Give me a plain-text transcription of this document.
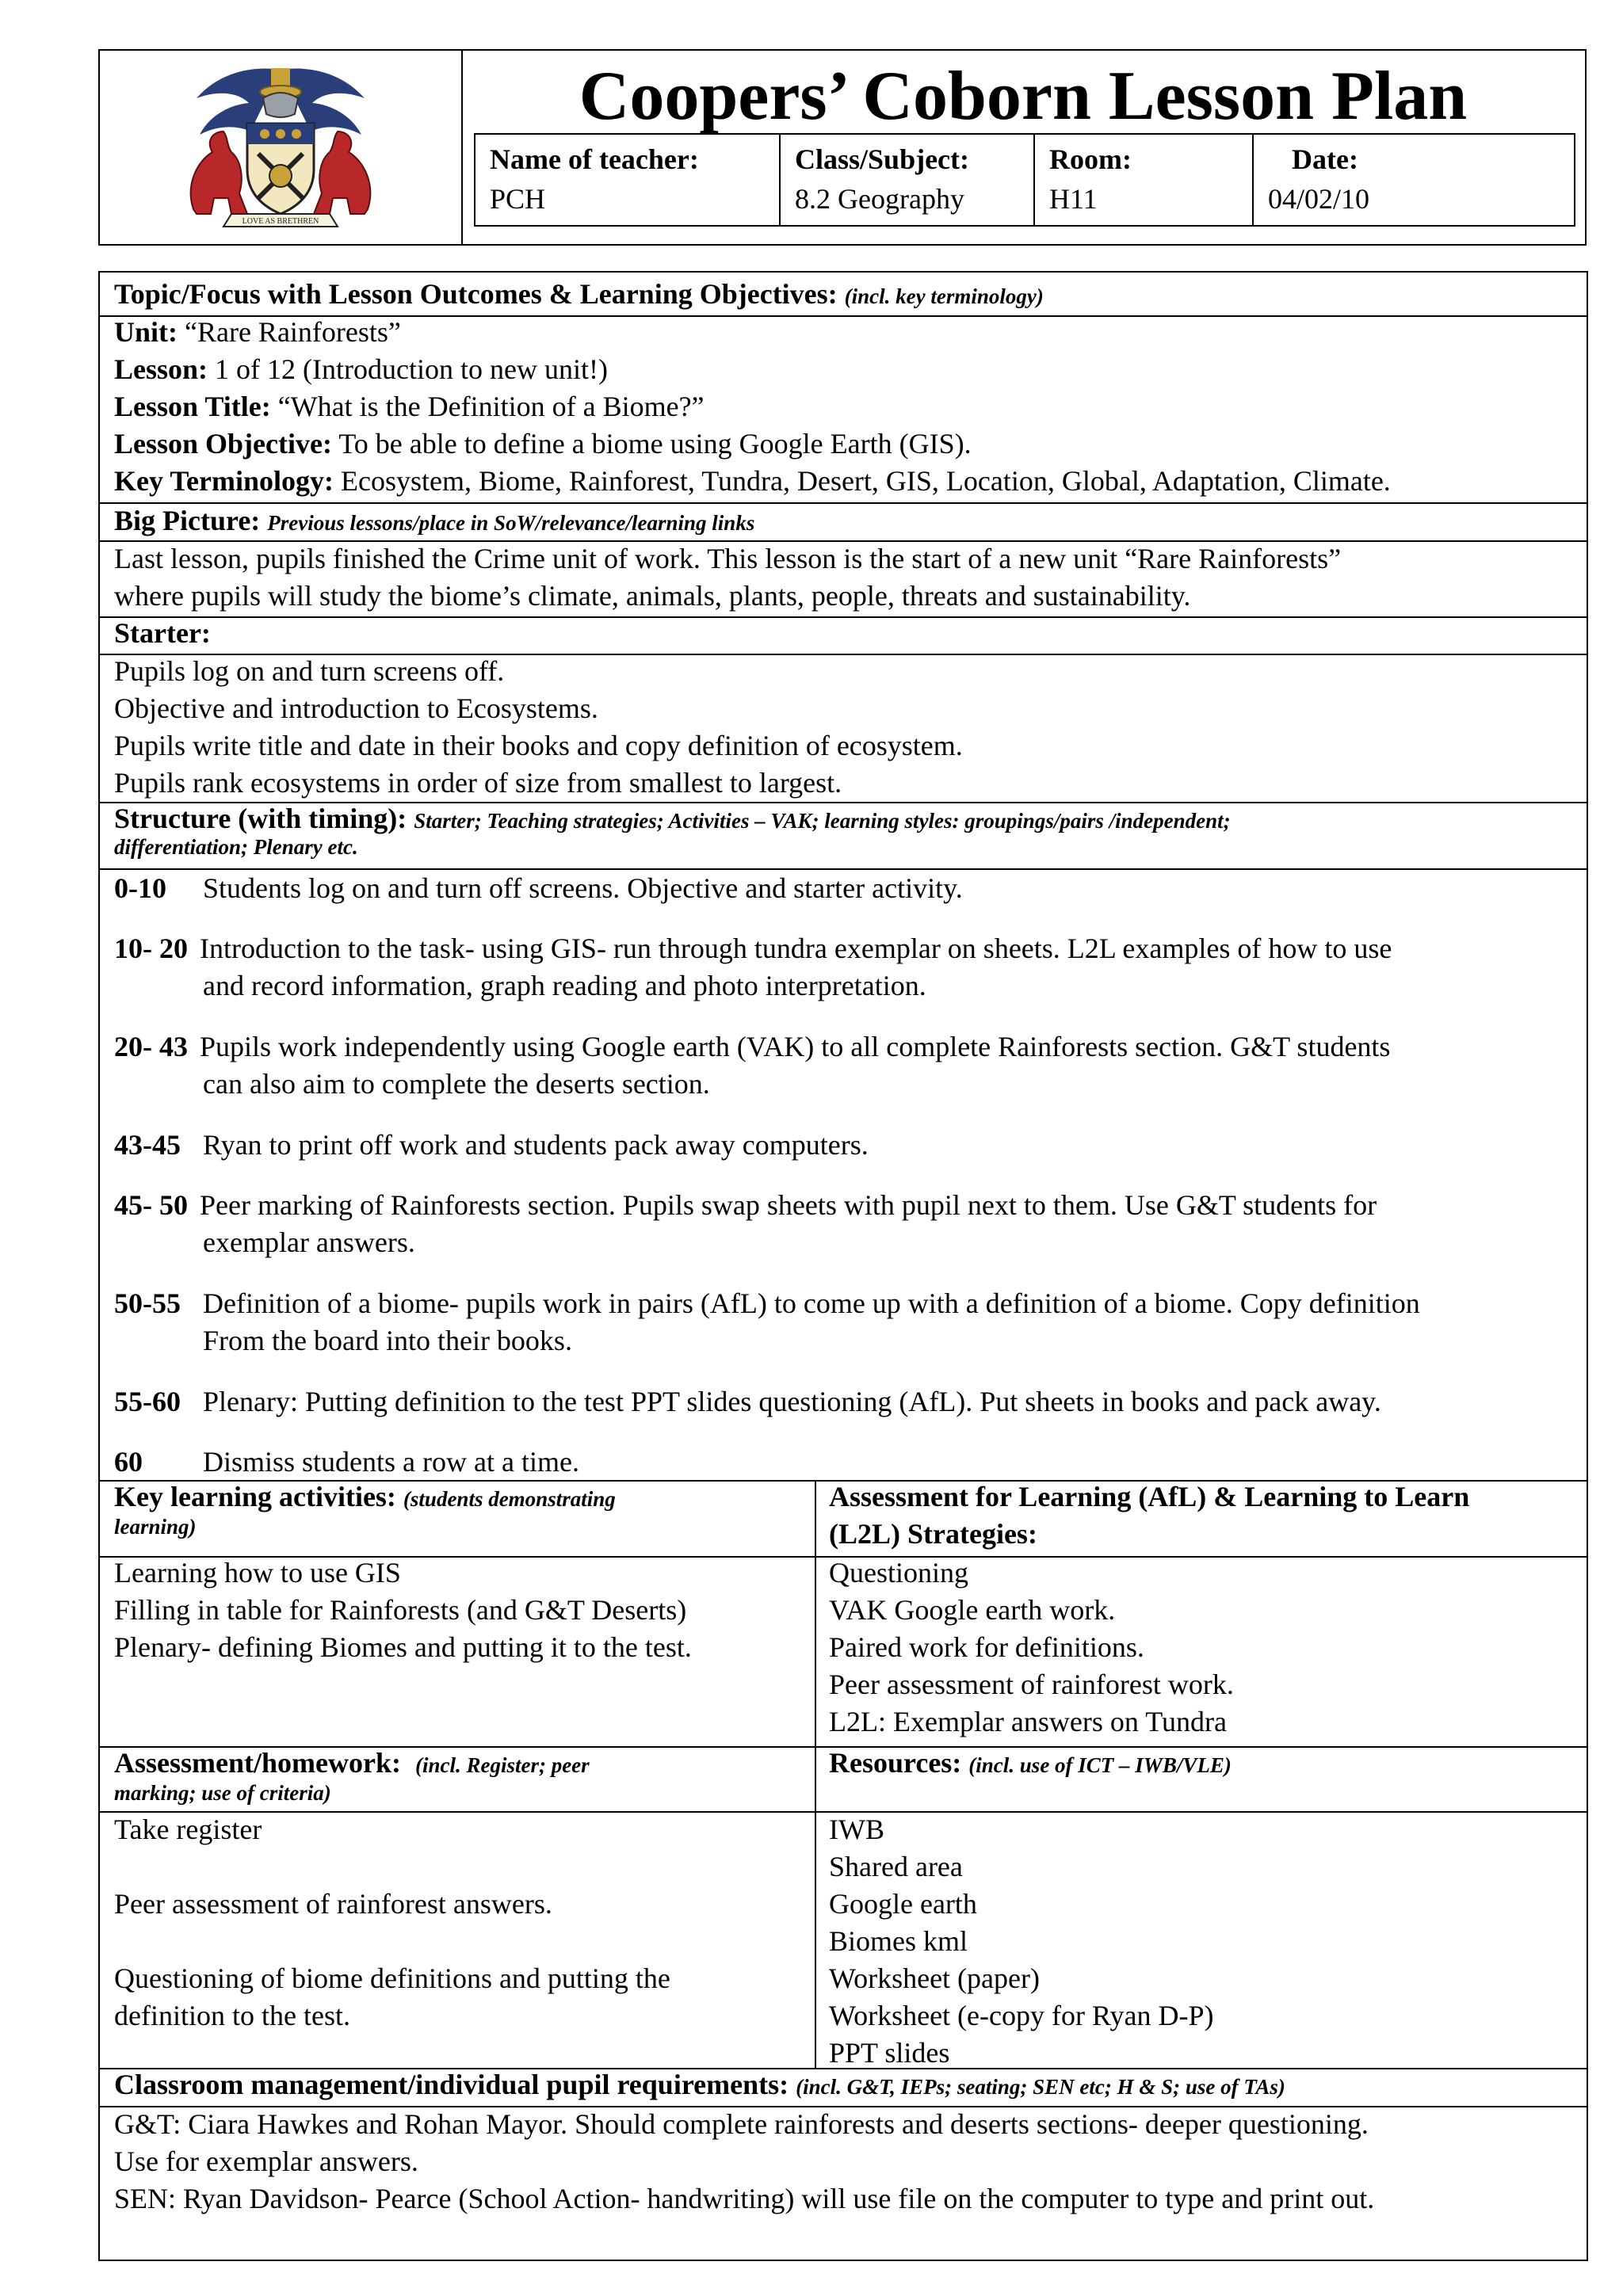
LOVE AS BRETHREN
Coopers’ Coborn Lesson Plan
Name of teacher:
PCH
Class/Subject:
8.2 Geography
Room:
H11
Date:
04/02/10

Topic/Focus with Lesson Outcomes & Learning Objectives: (incl. key terminology)

Unit: “Rare Rainforests”

Lesson: 1 of 12 (Introduction to new unit!)

Lesson Title: “What is the Definition of a Biome?”

Lesson Objective: To be able to define a biome using Google Earth (GIS).

Key Terminology: Ecosystem, Biome, Rainforest, Tundra, Desert, GIS, Location, Global, Adaptation, Climate.

Big Picture: Previous lessons/place in SoW/relevance/learning links

Last lesson, pupils finished the Crime unit of work. This lesson is the start of a new unit “Rare Rainforests”

where pupils will study the biome’s climate, animals, plants, people, threats and sustainability.

Starter:

Pupils log on and turn screens off.

Objective and introduction to Ecosystems.

Pupils write title and date in their books and copy definition of ecosystem.

Pupils rank ecosystems in order of size from smallest to largest.

Structure (with timing): Starter; Teaching strategies; Activities – VAK; learning styles: groupings/pairs /independent;

differentiation; Plenary etc.

0-10 Students log on and turn off screens. Objective and starter activity.
10- 20 Introduction to the task- using GIS- run through tundra exemplar on sheets. L2L examples of how to use
and record information, graph reading and photo interpretation.
20- 43 Pupils work independently using Google earth (VAK) to all complete Rainforests section. G&T students
can also aim to complete the deserts section.
43-45 Ryan to print off work and students pack away computers.
45- 50 Peer marking of Rainforests section. Pupils swap sheets with pupil next to them. Use G&T students for
exemplar answers.
50-55 Definition of a biome- pupils work in pairs (AfL) to come up with a definition of a biome. Copy definition
From the board into their books.
55-60 Plenary: Putting definition to the test PPT slides questioning (AfL). Put sheets in books and pack away.
60 Dismiss students a row at a time.

Key learning activities: (students demonstrating

learning)

Assessment for Learning (AfL) & Learning to Learn

(L2L) Strategies:

Learning how to use GIS

Filling in table for Rainforests (and G&T Deserts)

Plenary- defining Biomes and putting it to the test.

Questioning

VAK Google earth work.

Paired work for definitions.

Peer assessment of rainforest work.

L2L: Exemplar answers on Tundra

Assessment/homework: (incl. Register; peer

marking; use of criteria)

Resources: (incl. use of ICT – IWB/VLE)

Take register

Peer assessment of rainforest answers.

Questioning of biome definitions and putting the

definition to the test.

IWB

Shared area

Google earth

Biomes kml

Worksheet (paper)

Worksheet (e-copy for Ryan D-P)

PPT slides

Classroom management/individual pupil requirements: (incl. G&T, IEPs; seating; SEN etc; H & S; use of TAs)

G&T: Ciara Hawkes and Rohan Mayor. Should complete rainforests and deserts sections- deeper questioning.

Use for exemplar answers.

SEN: Ryan Davidson- Pearce (School Action- handwriting) will use file on the computer to type and print out.
